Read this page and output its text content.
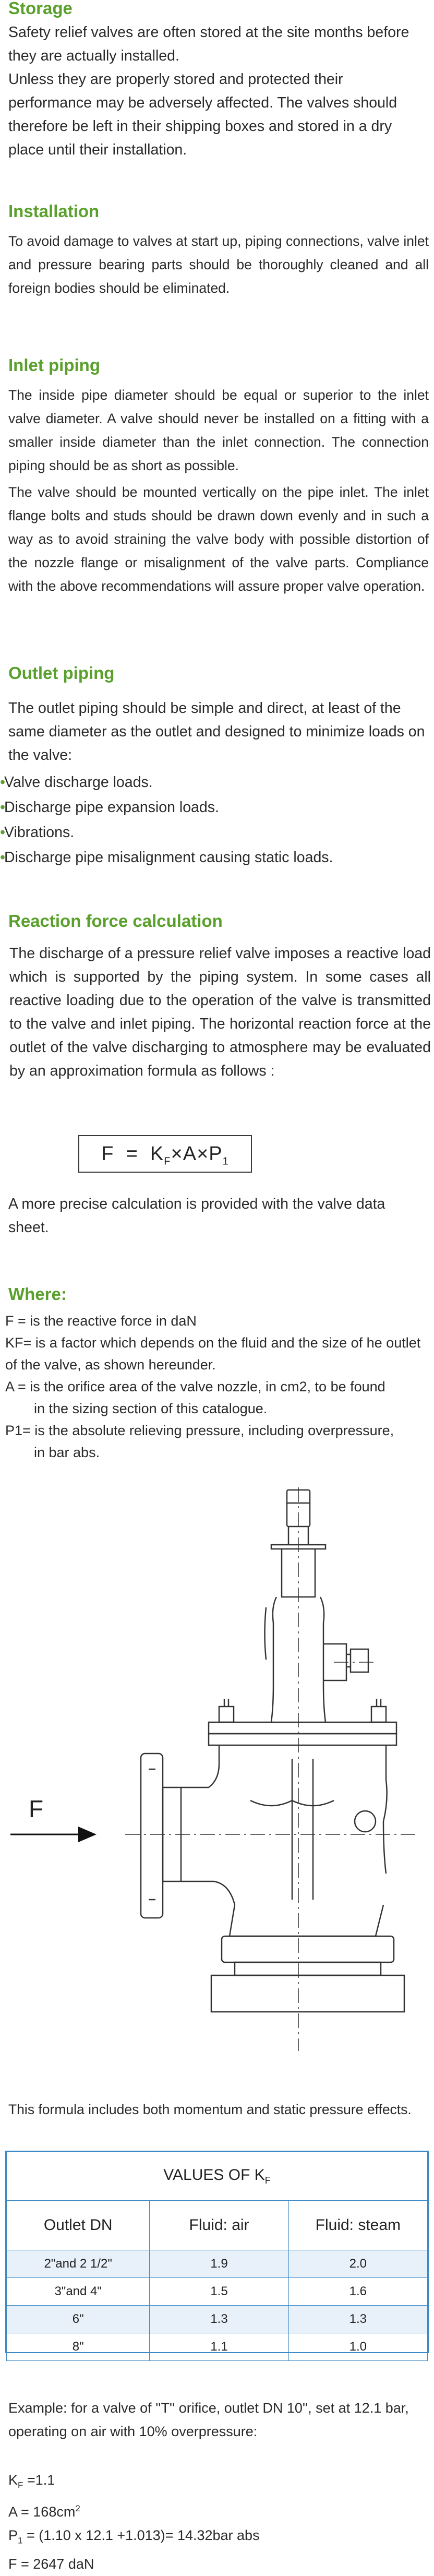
Storage

Safety relief valves are often stored at the site months before they are actually installed.

Unless they are properly stored and protected their performance may be adversely affected. The valves should therefore be left in their shipping boxes and stored in a dry place until their installation.

Installation

To avoid damage to valves at start up, piping connections, valve inlet and pressure bearing parts should be thoroughly cleaned and all foreign bodies should be eliminated.

Inlet piping

The inside pipe diameter should be equal or superior to the inlet valve diameter. A valve should never be installed on a fitting with a smaller inside diameter than the inlet connection. The connection piping should be as short as possible.

The valve should be mounted vertically on the pipe inlet. The inlet flange bolts and studs should be drawn down evenly and in such a way as to avoid straining the valve body with possible distortion of the nozzle flange or misalignment of the valve parts. Compliance with the above recommendations will assure proper valve operation.

Outlet piping

The outlet piping should be simple and direct, at least of the same diameter as the outlet and designed to minimize loads on the valve:

•
Valve discharge loads.

•
Discharge pipe expansion loads.

•
Vibrations.

•
Discharge pipe misalignment causing static loads.

Reaction force calculation

The discharge of a pressure relief valve imposes a reactive load which is supported by the piping system. In some cases all reactive loading due to the operation of the valve is transmitted to the valve and inlet piping. The horizontal reaction force at the outlet of the valve discharging to atmosphere may be evaluated by an approximation formula as follows :

$F = K_F\times A\times P_1$

A more precise calculation is provided with the valve data sheet.

Where:

F = is the reactive force in daN

KF= is a factor which depends on the fluid and the size of he outlet of the valve, as shown hereunder.

A = is the orifice area of the valve nozzle, in cm2, to be found

in the sizing section of this catalogue.

P1= is the absolute relieving pressure, including overpressure,

in bar abs.

F

This formula includes both momentum and static pressure effects.

VALUES OF $K_F$
Outlet DN	Fluid: air	Fluid: steam
2"and 2 1/2"	1.9	2.0
3"and 4"	1.5	1.6
6"	1.3	1.3
8"	1.1	1.0

Example: for a valve of ''T'' orifice, outlet DN 10'', set at 12.1 bar, operating on air with 10% overpressure:

$K_F =1.1$

$A = 168cm^2$

$P_1 = (1.10$ x 12.1 +1.013)= 14.32bar abs

F = 2647 daN
